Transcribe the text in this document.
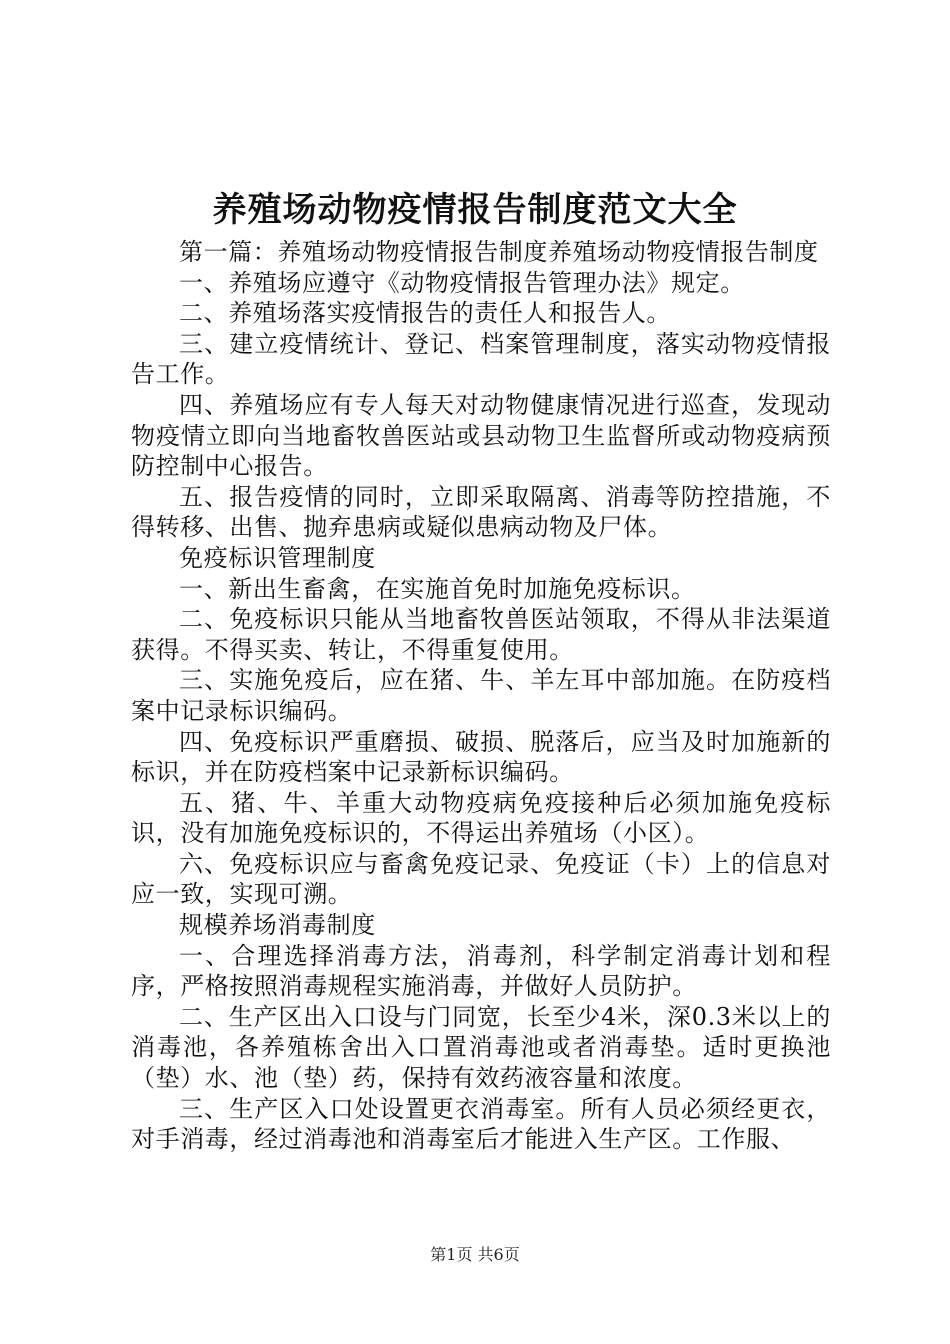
养殖场动物疫情报告制度范文大全

第一篇：养殖场动物疫情报告制度养殖场动物疫情报告制度

一、养殖场应遵守《动物疫情报告管理办法》规定。

二、养殖场落实疫情报告的责任人和报告人。

三、建立疫情统计、登记、档案管理制度，落实动物疫情报告工作。

四、养殖场应有专人每天对动物健康情况进行巡查，发现动物疫情立即向当地畜牧兽医站或县动物卫生监督所或动物疫病预防控制中心报告。

五、报告疫情的同时，立即采取隔离、消毒等防控措施，不得转移、出售、抛弃患病或疑似患病动物及尸体。

免疫标识管理制度

一、新出生畜禽，在实施首免时加施免疫标识。

二、免疫标识只能从当地畜牧兽医站领取，不得从非法渠道获得。不得买卖、转让，不得重复使用。

三、实施免疫后，应在猪、牛、羊左耳中部加施。在防疫档案中记录标识编码。

四、免疫标识严重磨损、破损、脱落后，应当及时加施新的标识，并在防疫档案中记录新标识编码。

五、猪、牛、羊重大动物疫病免疫接种后必须加施免疫标识，没有加施免疫标识的，不得运出养殖场（小区）。

六、免疫标识应与畜禽免疫记录、免疫证（卡）上的信息对应一致，实现可溯。

规模养场消毒制度

一、合理选择消毒方法，消毒剂，科学制定消毒计划和程序，严格按照消毒规程实施消毒，并做好人员防护。

二、生产区出入口设与门同宽，长至少4米，深0.3米以上的消毒池，各养殖栋舍出入口置消毒池或者消毒垫。适时更换池（垫）水、池（垫）药，保持有效药液容量和浓度。

三、生产区入口处设置更衣消毒室。所有人员必须经更衣，对手消毒，经过消毒池和消毒室后才能进入生产区。工作服、

第1页 共6页
